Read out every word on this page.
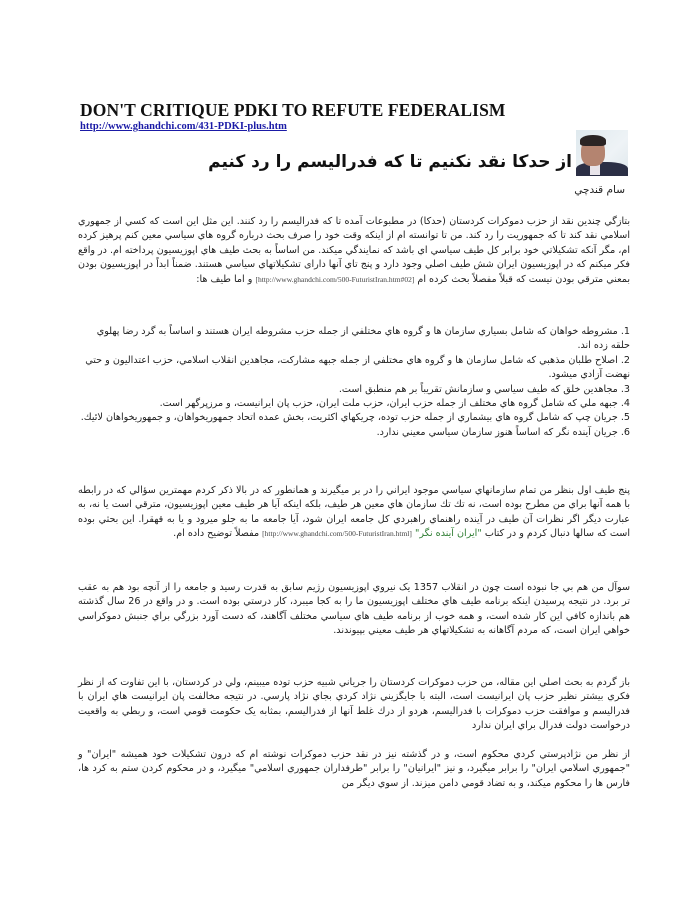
DON'T CRITIQUE PDKI TO REFUTE FEDERALISM
http://www.ghandchi.com/431-PDKI-plus.htm
از حدکا نقد نکنیم تا که فدرالیسم را رد کنیم
سام قندچي
بتازگي چندين نقد از حزب دموكرات كردستان (حدكا) در مطبوعات آمده تا كه فدراليسم را رد كنند. اين مثل اين است كه كسي از جمهوري اسلامي نقد كند تا كه جمهوريت را رد كند. من تا توانسته ام از اينكه وقت خود را صرف بحث درباره گروه هاي سياسي معين كنم پرهيز كرده ام، مگر آنكه تشكيلاتي خود برابر كل طيف سياسي اي باشد كه نمايندگي ميكند. من اساساً به بحث طيف هاي اپوزيسيون پرداخته ام. در واقع فكر ميكنم كه در اپوزيسيون ايران شش طيف اصلي وجود دارد و پنج تاي آنها داراى تشكيلاتهاي سياسي هستند. ضمناً ابداً در اپوزيسيون بودن بمعني مترقي بودن نيست كه قبلاً مفصلاً بحث كرده ام [http://www.ghandchi.com/500-FuturistIran.htm#02] و اما طيف ها:
1. مشروطه خواهان كه شامل بسياري سازمان ها و گروه هاي مختلفي از جمله حزب مشروطه ايران هستند و اساساً به گرد رضا پهلوي حلقه زده اند.
2. اصلاح طلبان مذهبي كه شامل سازمان ها و گروه هاي مختلفي از جمله جبهه مشاركت، مجاهدين انقلاب اسلامي، حزب اعتداليون و حتي نهضت آزادي ميشود.
3. مجاهدين خلق كه طيف سياسي و سازمانش تقريباً بر هم منطبق است.
4. جبهه ملي كه شامل گروه هاي مختلف از جمله حزب ايران، حزب ملت ايران، حزب پان ايرانيست، و مرزپرگهر است.
5. جريان چپ كه شامل گروه هاي بيشماري از جمله حزب توده، چريكهاي اكثريت، بخش عمده اتحاد جمهوريخواهان، و جمهوريخواهان لائيك.
6. جريان آينده نگر كه اساساً هنوز سازمان سياسي معيني ندارد.
پنج طيف اول بنظر من تمام سازمانهاي سياسي موجود ايراني را در بر ميگيرند و همانطور كه در بالا ذكر كردم مهمترين سؤالي كه در رابطه با همه آنها براي من مطرح بوده است، نه تك تك سازمان هاي معين هر طيف، بلكه اينكه آيا هر طيف معين اپوزيسيون، مترقي است يا نه، به عبارت ديگر اگر نظرات آن طيف در آينده راهنماي راهبردي كل جامعه ايران شود، آيا جامعه ما به جلو ميرود و يا به قهقرا. اين بحثي بوده است كه سالها دنبال كردم و در كتاب "ايران آينده نگر" [http://www.ghandchi.com/500-FuturistIran.html] مفصلاً توضيح داده ام.
سوآل من هم بي جا نبوده است چون در انقلاب 1357 يک نيروي اپوزيسيون رژيم سابق به قدرت رسيد و جامعه را از آنچه بود هم به عقب تر برد. در نتيجه پرسيدن اينكه برنامه طيف هاي مختلف اپوزيسيون ما را به كجا ميبرد، كار درستي بوده است. و در واقع در 26 سال گذشته هم باندازه كافي اين كار شده است، و همه خوب از برنامه طيف هاي سياسي مختلف آگاهند، كه دست آورد بزرگي براي جنبش دموكراسي خواهي ايران است، كه مردم آگاهانه به تشكيلاتهاي هر طيف معيني بپيوندند.
باز گردم به بحث اصلي اين مقاله، من حزب دموكرات كردستان را جرياني شبيه حزب توده ميبينم، ولي در كردستان، با اين تفاوت كه از نظر فكري بيشتر نظير حزب پان ايرانيست است، البته با جايگزيني نژاد كردي بجاي نژاد پارسي. در نتيجه مخالفت پان ايرانيست هاي ايران با فدراليسم و موافقت حزب دموكرات با فدراليسم، هردو از درك غلط آنها از فدراليسم، بمثابه يک حكومت قومي است، و ربطي به واقعيت درخواست دولت فدرال براي ايران ندارد
از نظر من نژادپرستي كردي محكوم است، و در گذشته نيز در نقد حزب دموكرات نوشته ام كه درون تشكيلات خود هميشه "ايران" و "جمهوري اسلامي ايران" را برابر ميگيرد، و نيز "ايرانيان" را برابر "طرفداران جمهوري اسلامي" ميگيرد، و در محكوم كردن ستم به كرد ها، فارس ها را محكوم ميكند، و به تضاد قومي دامن ميزند. از سوي ديگر من
